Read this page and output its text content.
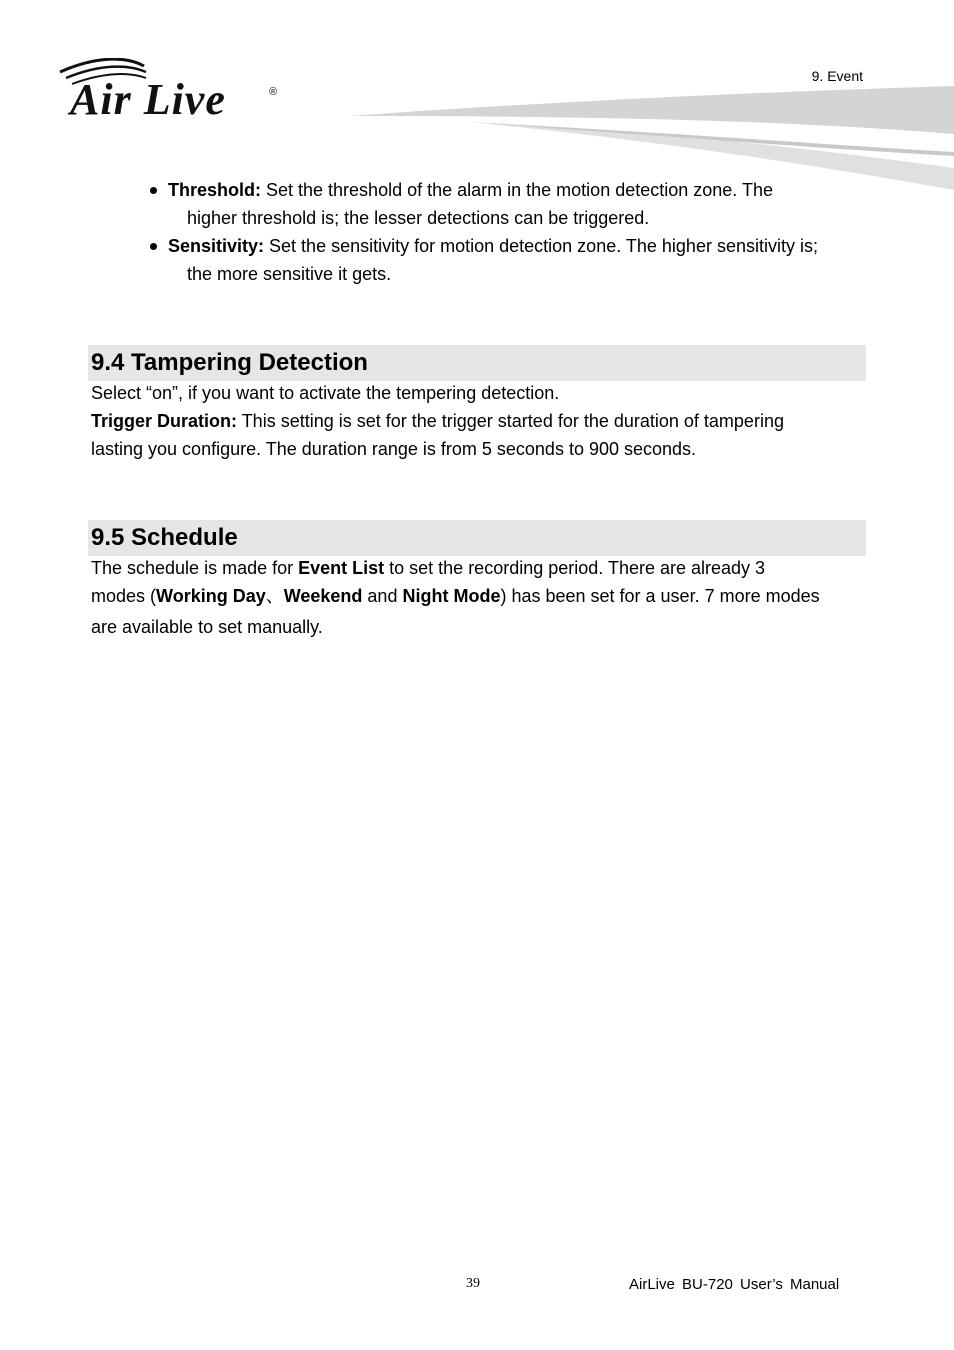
Air Live	®
9. Event
Threshold: Set the threshold of the alarm in the motion detection zone. The
higher threshold is; the lesser detections can be triggered.
Sensitivity: Set the sensitivity for motion detection zone. The higher sensitivity is;
the more sensitive it gets.
9.4 Tampering Detection
Select “on”, if you want to activate the tempering detection.
Trigger Duration: This setting is set for the trigger started for the duration of tampering
lasting you configure. The duration range is from 5 seconds to 900 seconds.
9.5 Schedule
The schedule is made for Event List to set the recording period. There are already 3
modes (Working Day、Weekend and Night Mode) has been set for a user. 7 more modes
are available to set manually.
39	AirLive BU-720 User’s Manual
